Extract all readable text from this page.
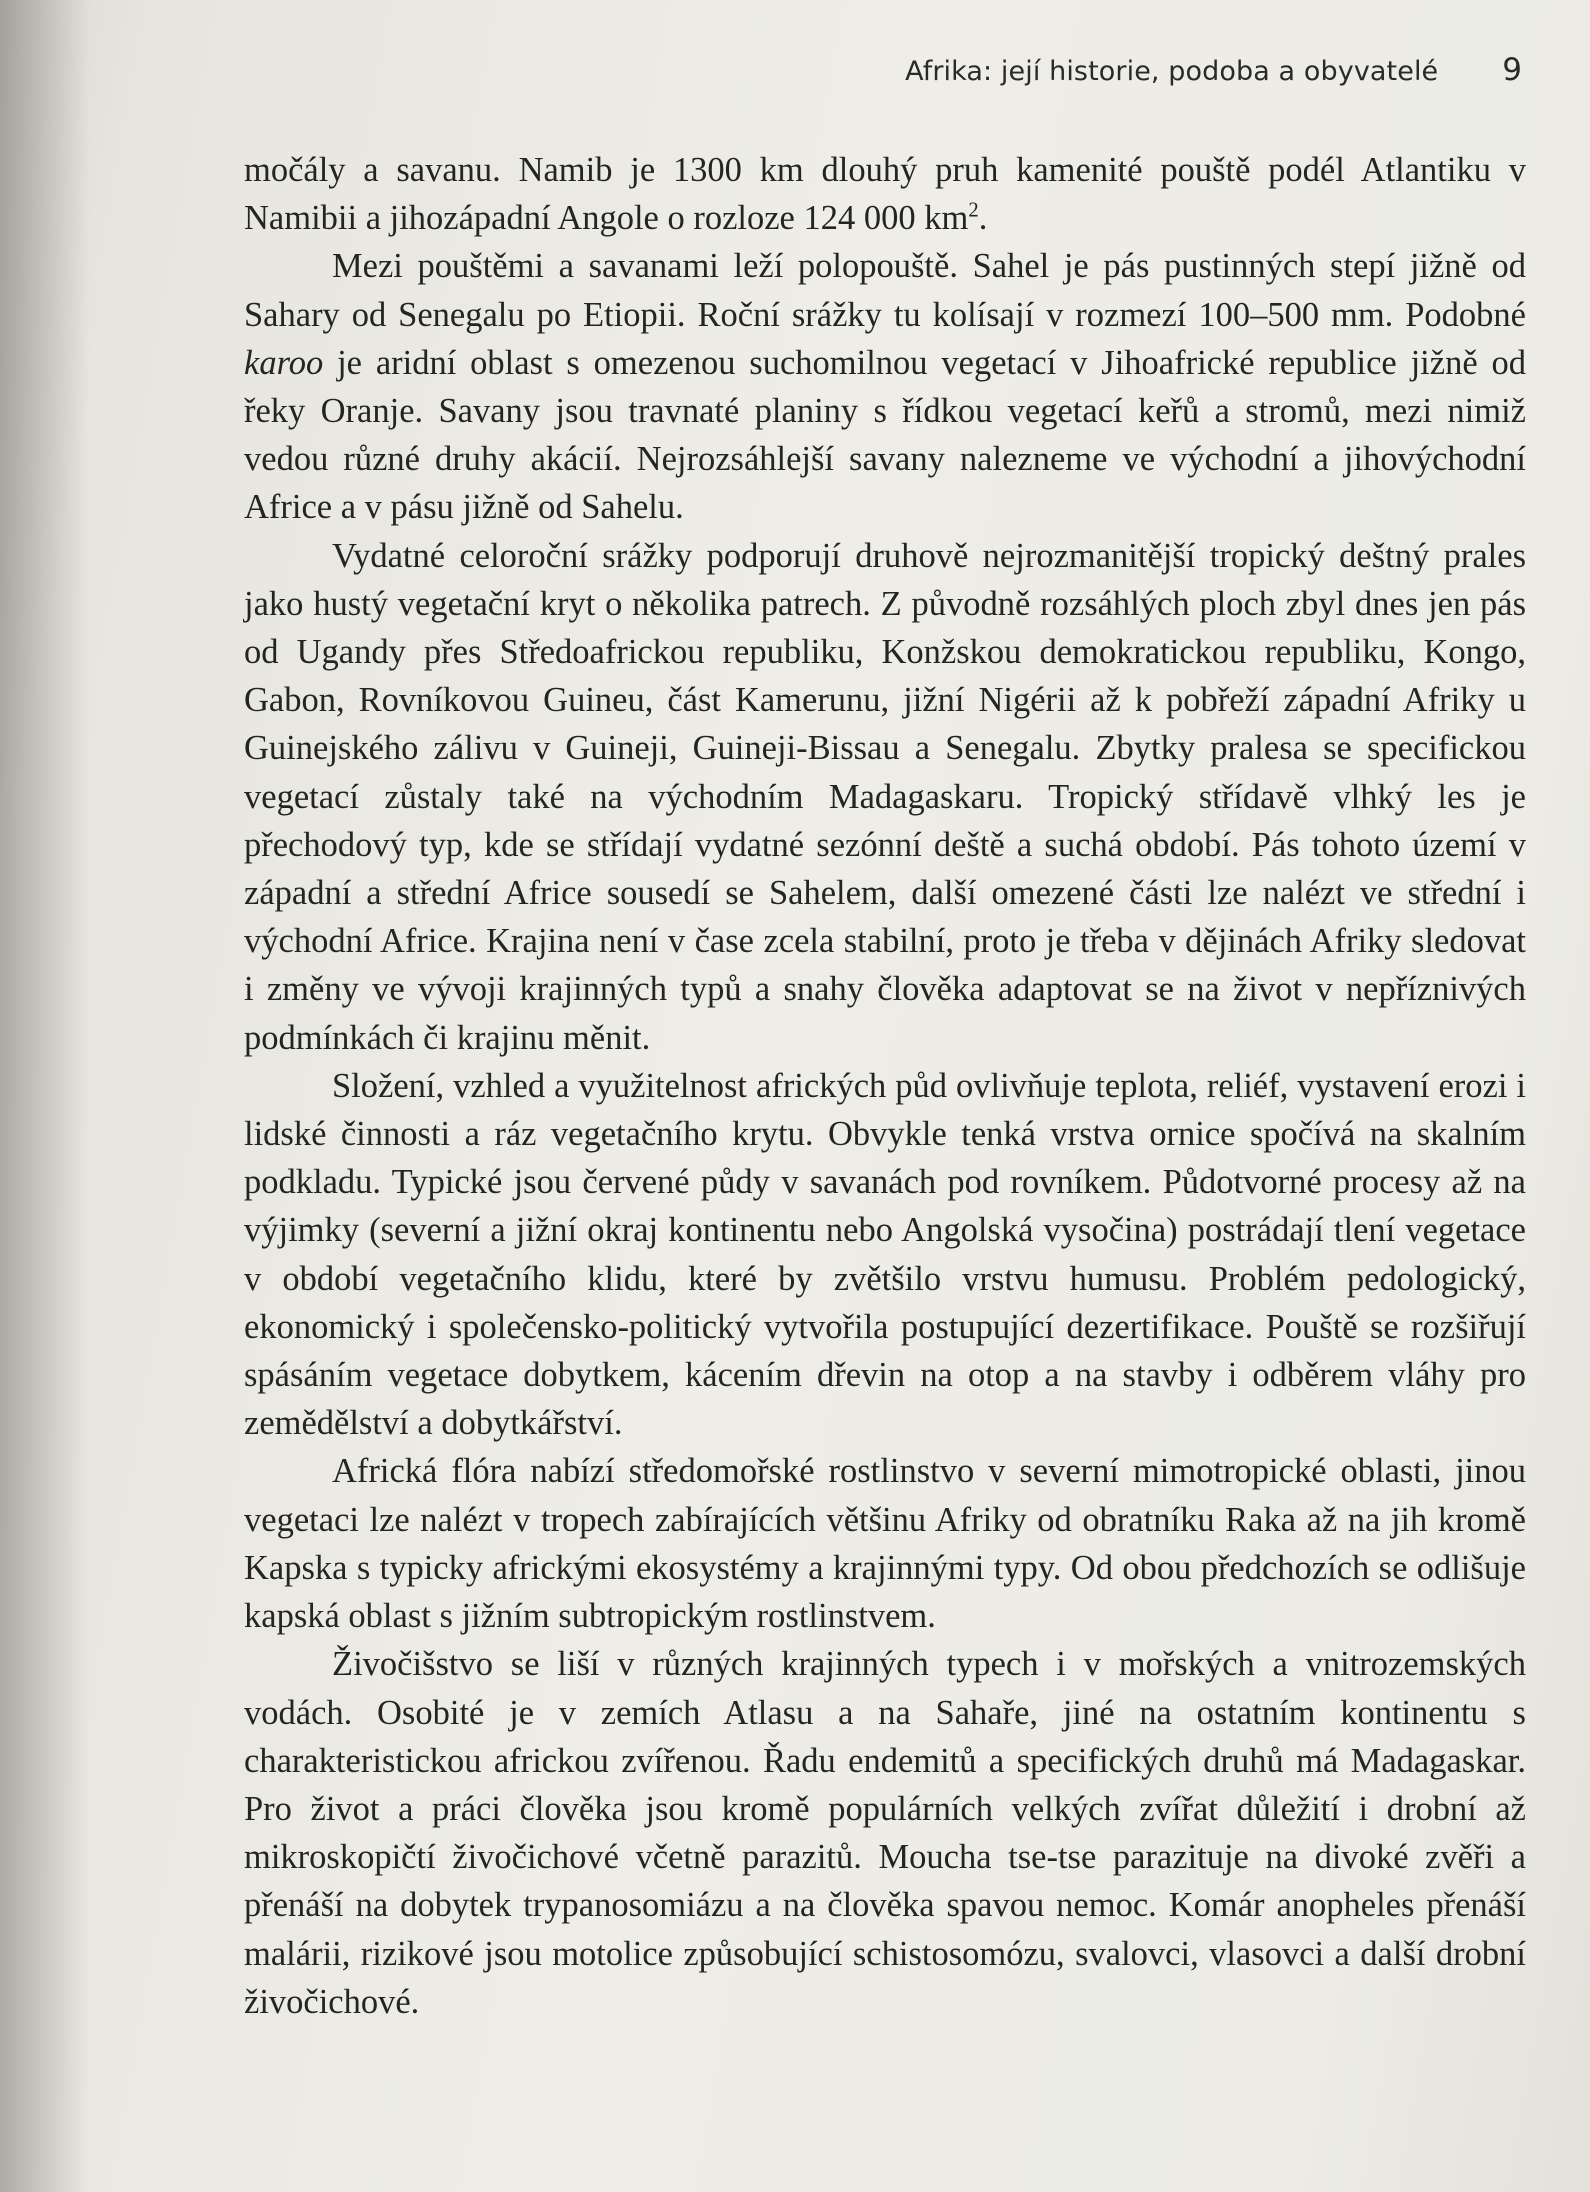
Afrika: její historie, podoba a obyvatelé 9

močály a savanu. Namib je 1300 km dlouhý pruh kamenité pouště podél Atlantiku v Namibii a jihozápadní Angole o rozloze 124 000 $km^2$.

Mezi pouštěmi a savanami leží polopouště. Sahel je pás pustinných stepí jižně od Sahary od Senegalu po Etiopii. Roční srážky tu kolísají v rozmezí 100–500 mm. Podobné karoo je aridní oblast s omezenou suchomilnou vegetací v Jihoafrické republice jižně od řeky Oranje. Savany jsou travnaté planiny s řídkou vegetací keřů a stromů, mezi nimiž vedou různé druhy akácií. Nejrozsáhlejší savany nalezneme ve východní a jihovýchodní Africe a v pásu jižně od Sahelu.

Vydatné celoroční srážky podporují druhově nejrozmanitější tropický deštný prales jako hustý vegetační kryt o několika patrech. Z původně rozsáhlých ploch zbyl dnes jen pás od Ugandy přes Středoafrickou republiku, Konžskou demokratickou republiku, Kongo, Gabon, Rovníkovou Guineu, část Kamerunu, jižní Nigérii až k pobřeží západní Afriky u Guinejského zálivu v Guineji, Guineji-Bissau a Senegalu. Zbytky pralesa se specifickou vegetací zůstaly také na východním Madagaskaru. Tropický střídavě vlhký les je přechodový typ, kde se střídají vydatné sezónní deště a suchá období. Pás tohoto území v západní a střední Africe sousedí se Sahelem, další omezené části lze nalézt ve střední i východní Africe. Krajina není v čase zcela stabilní, proto je třeba v dějinách Afriky sledovat i změny ve vývoji krajinných typů a snahy člověka adaptovat se na život v nepříznivých podmínkách či krajinu měnit.

Složení, vzhled a využitelnost afrických půd ovlivňuje teplota, reliéf, vystavení erozi i lidské činnosti a ráz vegetačního krytu. Obvykle tenká vrstva ornice spočívá na skalním podkladu. Typické jsou červené půdy v savanách pod rovníkem. Půdotvorné procesy až na výjimky (severní a jižní okraj kontinentu nebo Angolská vysočina) postrádají tlení vegetace v období vegetačního klidu, které by zvětšilo vrstvu humusu. Problém pedologický, ekonomický i společensko-politický vytvořila postupující dezertifikace. Pouště se rozšiřují spásáním vegetace dobytkem, kácením dřevin na otop a na stavby i odběrem vláhy pro zemědělství a dobytkářství.

Africká flóra nabízí středomořské rostlinstvo v severní mimotropické oblasti, jinou vegetaci lze nalézt v tropech zabírajících většinu Afriky od obratníku Raka až na jih kromě Kapska s typicky africkými ekosystémy a krajinnými typy. Od obou předchozích se odlišuje kapská oblast s jižním subtropickým rostlinstvem.

Živočišstvo se liší v různých krajinných typech i v mořských a vnitrozemských vodách. Osobité je v zemích Atlasu a na Sahaře, jiné na ostatním kontinentu s charakteristickou africkou zvířenou. Řadu endemitů a specifických druhů má Madagaskar. Pro život a práci člověka jsou kromě populárních velkých zvířat důležití i drobní až mikroskopičtí živočichové včetně parazitů. Moucha tse-tse parazituje na divoké zvěři a přenáší na dobytek trypanosomiázu a na člověka spavou nemoc. Komár anopheles přenáší malárii, rizikové jsou motolice způsobující schistosomózu, svalovci, vlasovci a další drobní živočichové.
